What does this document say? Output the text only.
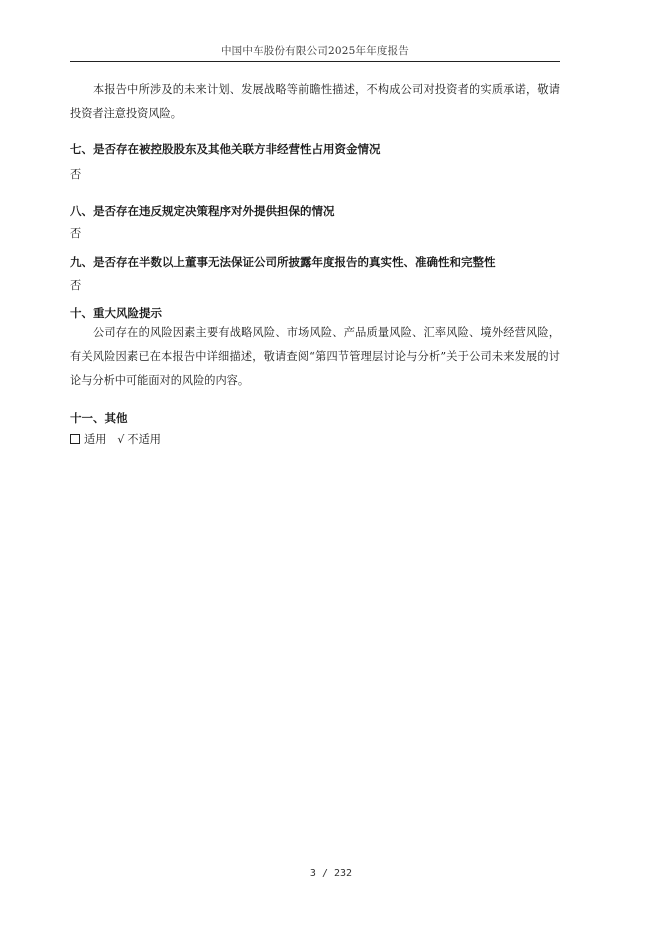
中国中车股份有限公司2025年年度报告

本报告中所涉及的未来计划、发展战略等前瞻性描述，不构成公司对投资者的实质承诺，敬请投资者注意投资风险。

七、是否存在被控股股东及其他关联方非经营性占用资金情况

否

八、是否存在违反规定决策程序对外提供担保的情况

否

九、是否存在半数以上董事无法保证公司所披露年度报告的真实性、准确性和完整性

否

十、重大风险提示

公司存在的风险因素主要有战略风险、市场风险、产品质量风险、汇率风险、境外经营风险，有关风险因素已在本报告中详细描述，敬请查阅“第四节管理层讨论与分析”关于公司未来发展的讨论与分析中可能面对的风险的内容。

十一、其他

适用 √ 不适用
3 / 232
